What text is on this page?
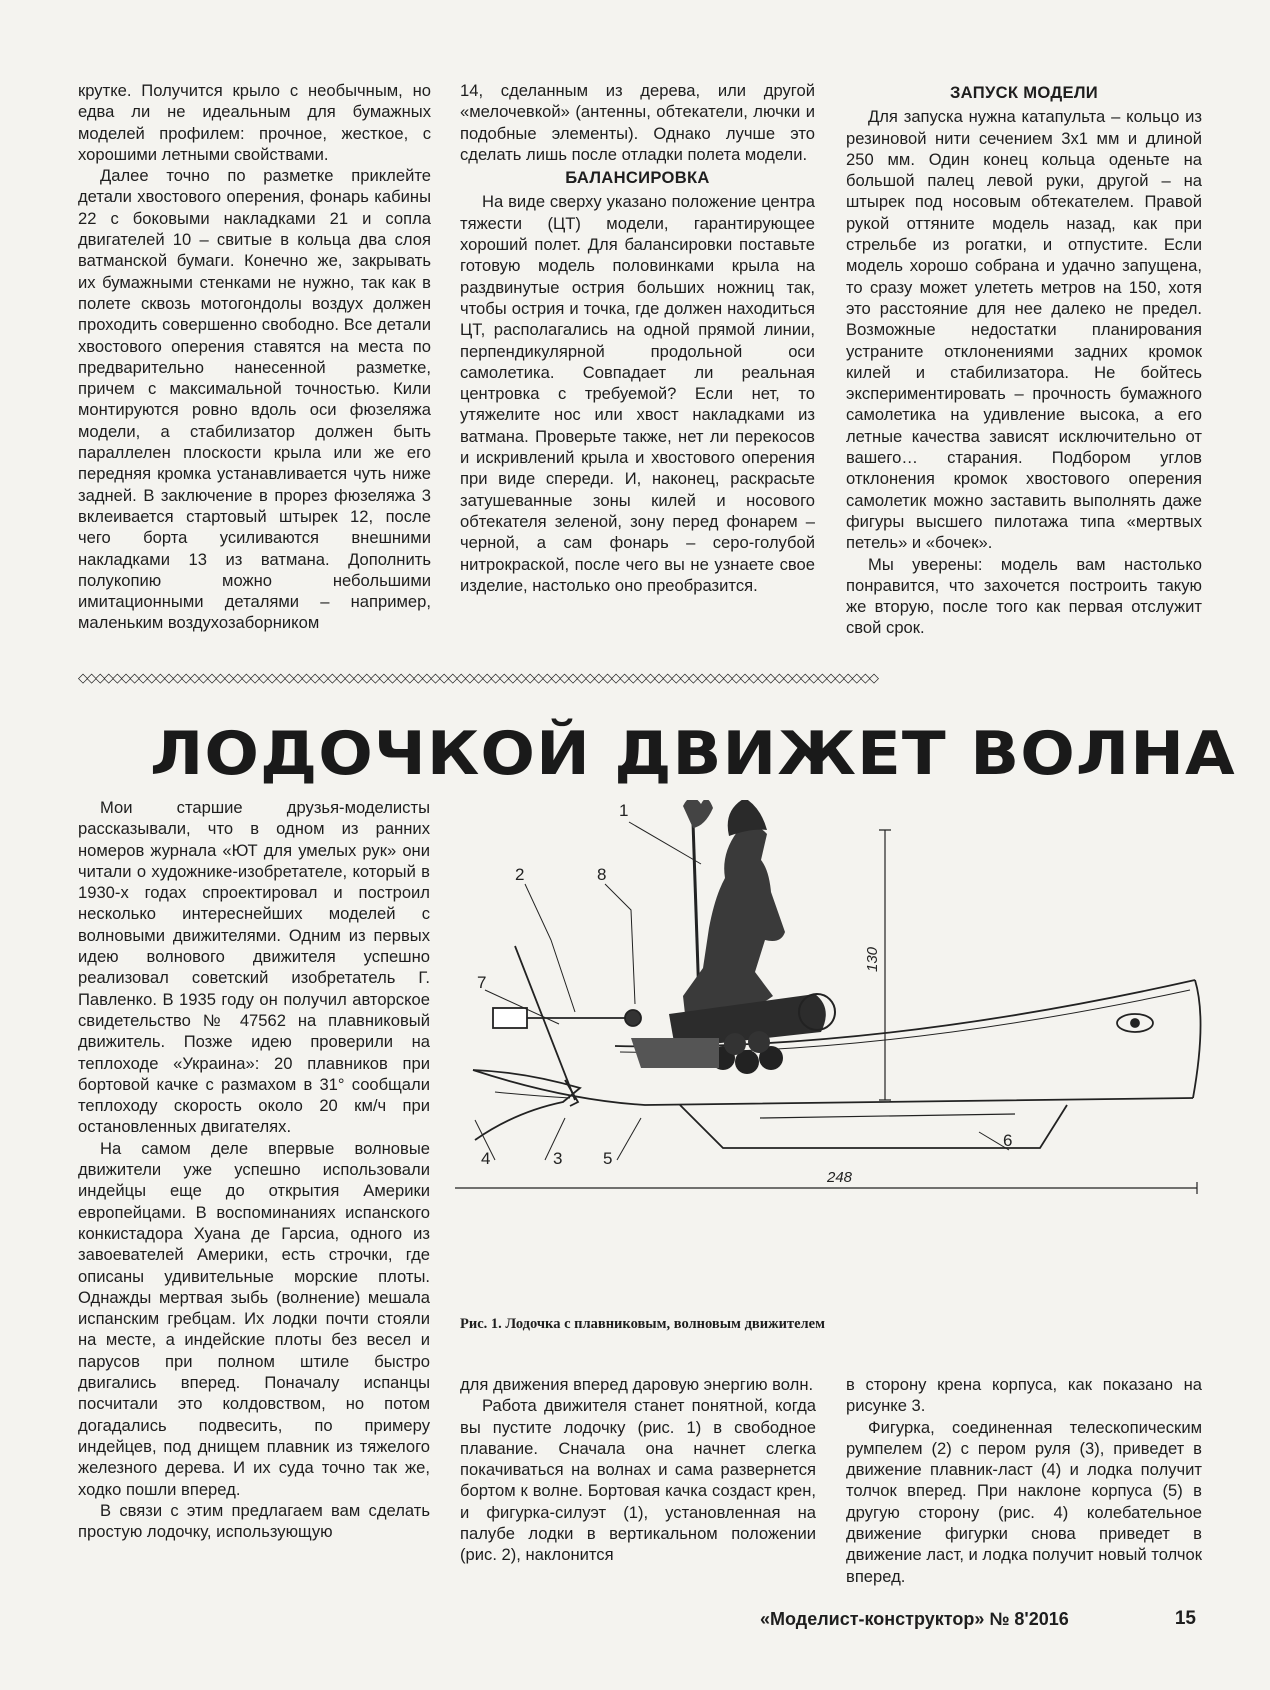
крутке. Получится крыло с необычным, но едва ли не идеальным для бумажных моделей профилем: прочное, жесткое, с хорошими летными свойствами.

Далее точно по разметке приклейте детали хвостового оперения, фонарь кабины 22 с боковыми накладками 21 и сопла двигателей 10 – свитые в кольца два слоя ватманской бумаги. Конечно же, закрывать их бумажными стенками не нужно, так как в полете сквозь мотогондолы воздух должен проходить совершенно свободно. Все детали хвостового оперения ставятся на места по предварительно нанесенной разметке, причем с максимальной точностью. Кили монтируются ровно вдоль оси фюзеляжа модели, а стабилизатор должен быть параллелен плоскости крыла или же его передняя кромка устанавливается чуть ниже задней. В заключение в прорез фюзеляжа 3 вклеивается стартовый штырек 12, после чего борта усиливаются внешними накладками 13 из ватмана. Дополнить полукопию можно небольшими имитационными деталями – например, маленьким воздухозаборником

14, сделанным из дерева, или другой «мелочевкой» (антенны, обтекатели, лючки и подобные элементы). Однако лучше это сделать лишь после отладки полета модели.

БАЛАНСИРОВКА

На виде сверху указано положение центра тяжести (ЦТ) модели, гарантирующее хороший полет. Для балансировки поставьте готовую модель половинками крыла на раздвинутые острия больших ножниц так, чтобы острия и точка, где должен находиться ЦТ, располагались на одной прямой линии, перпендикулярной продольной оси самолетика. Совпадает ли реальная центровка с требуемой? Если нет, то утяжелите нос или хвост накладками из ватмана. Проверьте также, нет ли перекосов и искривлений крыла и хвостового оперения при виде спереди. И, наконец, раскрасьте затушеванные зоны килей и носового обтекателя зеленой, зону перед фонарем – черной, а сам фонарь – серо-голубой нитрокраской, после чего вы не узнаете свое изделие, настолько оно преобразится.

ЗАПУСК МОДЕЛИ

Для запуска нужна катапульта – кольцо из резиновой нити сечением 3х1 мм и длиной 250 мм. Один конец кольца оденьте на большой палец левой руки, другой – на штырек под носовым обтекателем. Правой рукой оттяните модель назад, как при стрельбе из рогатки, и отпустите. Если модель хорошо собрана и удачно запущена, то сразу может улететь метров на 150, хотя это расстояние для нее далеко не предел. Возможные недостатки планирования устраните отклонениями задних кромок килей и стабилизатора. Не бойтесь экспериментировать – прочность бумажного самолетика на удивление высока, а его летные качества зависят исключительно от вашего… старания. Подбором углов отклонения кромок хвостового оперения самолетик можно заставить выполнять даже фигуры высшего пилотажа типа «мертвых петель» и «бочек».

Мы уверены: модель вам настолько понравится, что захочется построить такую же вторую, после того как первая отслужит свой срок.

◇◇◇◇◇◇◇◇◇◇◇◇◇◇◇◇◇◇◇◇◇◇◇◇◇◇◇◇◇◇◇◇◇◇◇◇◇◇◇◇◇◇◇◇◇◇◇◇◇◇◇◇◇◇◇◇◇◇◇◇◇◇◇◇◇◇◇◇◇◇◇◇◇◇◇◇◇◇◇◇◇◇◇◇◇◇◇◇◇◇◇◇◇
ЛОДОЧКОЙ ДВИЖЕТ ВОЛНА

Мои старшие друзья-моделисты рассказывали, что в одном из ранних номеров журнала «ЮТ для умелых рук» они читали о художнике-изобретателе, который в 1930-х годах спроектировал и построил несколько интереснейших моделей с волновыми движителями. Одним из первых идею волнового движителя успешно реализовал советский изобретатель Г. Павленко. В 1935 году он получил авторское свидетельство № 47562 на плавниковый движитель. Позже идею проверили на теплоходе «Украина»: 20 плавников при бортовой качке с размахом в 31° сообщали теплоходу скорость около 20 км/ч при остановленных двигателях.

На самом деле впервые волновые движители уже успешно использовали индейцы еще до открытия Америки европейцами. В воспоминаниях испанского конкистадора Хуана де Гарсиа, одного из завоевателей Америки, есть строчки, где описаны удивительные морские плоты. Однажды мертвая зыбь (волнение) мешала испанским гребцам. Их лодки почти стояли на месте, а индейские плоты без весел и парусов при полном штиле быстро двигались вперед. Поначалу испанцы посчитали это колдовством, но потом догадались подвесить, по примеру индейцев, под днищем плавник из тяжелого железного дерева. И их суда точно так же, ходко пошли вперед.

В связи с этим предлагаем вам сделать простую лодочку, использующую

1
2
3
4	5
6
7
8
130
248
Рис. 1. Лодочка с плавниковым, волновым движителем

для движения вперед даровую энергию волн.

Работа движителя станет понятной, когда вы пустите лодочку (рис. 1) в свободное плавание. Сначала она начнет слегка покачиваться на волнах и сама развернется бортом к волне. Бортовая качка создаст крен, и фигурка-силуэт (1), установленная на палубе лодки в вертикальном положении (рис. 2), наклонится

в сторону крена корпуса, как показано на рисунке 3.

Фигурка, соединенная телескопическим румпелем (2) с пером руля (3), приведет в движение плавник-ласт (4) и лодка получит толчок вперед. При наклоне корпуса (5) в другую сторону (рис. 4) колебательное движение фигурки снова приведет в движение ласт, и лодка получит новый толчок вперед.

«Моделист-конструктор» № 8'2016	15
